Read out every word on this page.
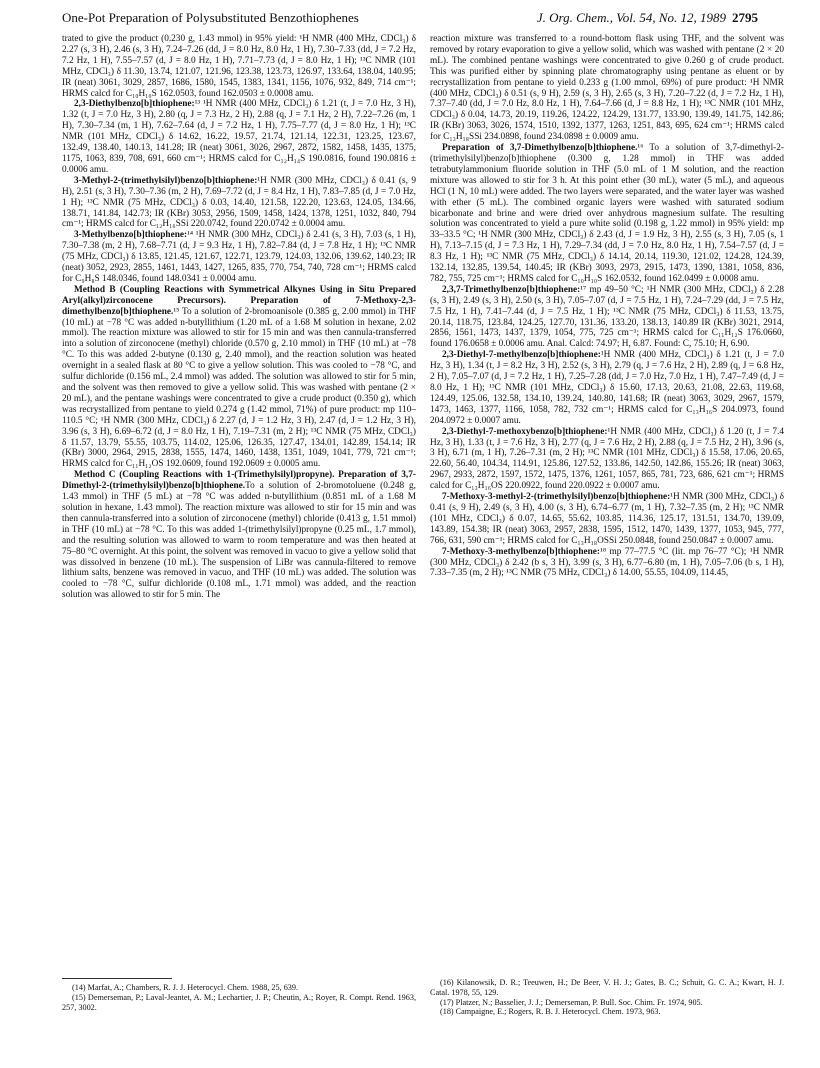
One-Pot Preparation of Polysubstituted Benzothiophenes	J. Org. Chem., Vol. 54, No. 12, 1989 2795

trated to give the product (0.230 g, 1.43 mmol) in 95% yield: ¹H NMR (400 MHz, CDCl₃) δ 2.27 (s, 3 H), 2.46 (s, 3 H), 7.24–7.26 (dd, J = 8.0 Hz, 8.0 Hz, 1 H), 7.30–7.33 (dd, J = 7.2 Hz, 7.2 Hz, 1 H), 7.55–7.57 (d, J = 8.0 Hz, 1 H), 7.71–7.73 (d, J = 8.0 Hz, 1 H); ¹³C NMR (101 MHz, CDCl₃) δ 11.30, 13.74, 121.07, 121.96, 123.38, 123.73, 126.97, 133.64, 138.04, 140.95; IR (neat) 3061, 3029, 2857, 1686, 1580, 1545, 1383, 1341, 1156, 1076, 932, 849, 714 cm⁻¹; HRMS calcd for C₁₀H₁₀S 162.0503, found 162.0503 ± 0.0008 amu.

2,3-Diethylbenzo[b]thiophene:¹³ ¹H NMR (400 MHz, CDCl₃) δ 1.21 (t, J = 7.0 Hz, 3 H), 1.32 (t, J = 7.0 Hz, 3 H), 2.80 (q, J = 7.3 Hz, 2 H), 2.88 (q, J = 7.1 Hz, 2 H), 7.22–7.26 (m, 1 H), 7.30–7.34 (m, 1 H), 7.62–7.64 (d, J = 7.2 Hz, 1 H), 7.75–7.77 (d, J = 8.0 Hz, 1 H); ¹³C NMR (101 MHz, CDCl₃) δ 14.62, 16.22, 19.57, 21.74, 121.14, 122.31, 123.25, 123.67, 132.49, 138.40, 140.13, 141.28; IR (neat) 3061, 3026, 2967, 2872, 1582, 1458, 1435, 1375, 1175, 1063, 839, 708, 691, 660 cm⁻¹; HRMS calcd for C₁₂H₁₄S 190.0816, found 190.0816 ± 0.0006 amu.

3-Methyl-2-(trimethylsilyl)benzo[b]thiophene:¹H NMR (300 MHz, CDCl₃) δ 0.41 (s, 9 H), 2.51 (s, 3 H), 7.30–7.36 (m, 2 H), 7.69–7.72 (d, J = 8.4 Hz, 1 H), 7.83–7.85 (d, J = 7.0 Hz, 1 H); ¹³C NMR (75 MHz, CDCl₃) δ 0.03, 14.40, 121.58, 122.20, 123.63, 124.05, 134.66, 138.71, 141.84, 142.73; IR (KBr) 3053, 2956, 1509, 1458, 1424, 1378, 1251, 1032, 840, 794 cm⁻¹; HRMS calcd for C₁₂H₁₆SSi 220.0742, found 220.0742 ± 0.0004 amu.

3-Methylbenzo[b]thiophene:¹⁴ ¹H NMR (300 MHz, CDCl₃) δ 2.41 (s, 3 H), 7.03 (s, 1 H), 7.30–7.38 (m, 2 H), 7.68–7.71 (d, J = 9.3 Hz, 1 H), 7.82–7.84 (d, J = 7.8 Hz, 1 H); ¹³C NMR (75 MHz, CDCl₃) δ 13.85, 121.45, 121.67, 122.71, 123.79, 124.03, 132.06, 139.62, 140.23; IR (neat) 3052, 2923, 2855, 1461, 1443, 1427, 1265, 835, 770, 754, 740, 728 cm⁻¹; HRMS calcd for C₉H₈S 148.0346, found 148.0341 ± 0.0004 amu.

Method B (Coupling Reactions with Symmetrical Alkynes Using in Situ Prepared Aryl(alkyl)zirconocene Precursors). Preparation of 7-Methoxy-2,3-dimethylbenzo[b]thiophene.¹⁵ To a solution of 2-bromoanisole (0.385 g, 2.00 mmol) in THF (10 mL) at −78 °C was added n-butyllithium (1.20 mL of a 1.68 M solution in hexane, 2.02 mmol). The reaction mixture was allowed to stir for 15 min and was then cannula-transferred into a solution of zirconocene (methyl) chloride (0.570 g, 2.10 mmol) in THF (10 mL) at −78 °C. To this was added 2-butyne (0.130 g, 2.40 mmol), and the reaction solution was heated overnight in a sealed flask at 80 °C to give a yellow solution. This was cooled to −78 °C, and sulfur dichloride (0.156 mL, 2.4 mmol) was added. The solution was allowed to stir for 5 min, and the solvent was then removed to give a yellow solid. This was washed with pentane (2 × 20 mL), and the pentane washings were concentrated to give a crude product (0.350 g), which was recrystallized from pentane to yield 0.274 g (1.42 mmol, 71%) of pure product: mp 110–110.5 °C; ¹H NMR (300 MHz, CDCl₃) δ 2.27 (d, J = 1.2 Hz, 3 H), 2.47 (d, J = 1.2 Hz, 3 H), 3.96 (s, 3 H), 6.69–6.72 (d, J = 8.0 Hz, 1 H), 7.19–7.31 (m, 2 H); ¹³C NMR (75 MHz, CDCl₃) δ 11.57, 13.79, 55.55, 103.75, 114.02, 125.06, 126.35, 127.47, 134.01, 142.89, 154.14; IR (KBr) 3000, 2964, 2915, 2838, 1555, 1474, 1460, 1438, 1351, 1049, 1041, 779, 721 cm⁻¹; HRMS calcd for C₁₁H₁₂OS 192.0609, found 192.0609 ± 0.0005 amu.

Method C (Coupling Reactions with 1-(Trimethylsilyl)propyne). Preparation of 3,7-Dimethyl-2-(trimethylsilyl)benzo[b]thiophene.To a solution of 2-bromotoluene (0.248 g, 1.43 mmol) in THF (5 mL) at −78 °C was added n-butyllithium (0.851 mL of a 1.68 M solution in hexane, 1.43 mmol). The reaction mixture was allowed to stir for 15 min and was then cannula-transferred into a solution of zirconocene (methyl) chloride (0.413 g, 1.51 mmol) in THF (10 mL) at −78 °C. To this was added 1-(trimethylsilyl)propyne (0.25 mL, 1.7 mmol), and the resulting solution was allowed to warm to room temperature and was then heated at 75–80 °C overnight. At this point, the solvent was removed in vacuo to give a yellow solid that was dissolved in benzene (10 mL). The suspension of LiBr was cannula-filtered to remove lithium salts, benzene was removed in vacuo, and THF (10 mL) was added. The solution was cooled to −78 °C, sulfur dichloride (0.108 mL, 1.71 mmol) was added, and the reaction solution was allowed to stir for 5 min. The

reaction mixture was transferred to a round-bottom flask using THF, and the solvent was removed by rotary evaporation to give a yellow solid, which was washed with pentane (2 × 20 mL). The combined pentane washings were concentrated to give 0.260 g of crude product. This was purified either by spinning plate chromatography using pentane as eluent or by recrystallization from pentane to yield 0.233 g (1.00 mmol, 69%) of pure product: ¹H NMR (400 MHz, CDCl₃) δ 0.51 (s, 9 H), 2.59 (s, 3 H), 2.65 (s, 3 H), 7.20–7.22 (d, J = 7.2 Hz, 1 H), 7.37–7.40 (dd, J = 7.0 Hz, 8.0 Hz, 1 H), 7.64–7.66 (d, J = 8.8 Hz, 1 H); ¹³C NMR (101 MHz, CDCl₃) δ 0.04, 14.73, 20.19, 119.26, 124.22, 124.29, 131.77, 133.90, 139.49, 141.75, 142.86; IR (KBr) 3063, 3026, 1574, 1510, 1392, 1377, 1263, 1251, 843, 695, 624 cm⁻¹; HRMS calcd for C₁₃H₁₈SSi 234.0898, found 234.0898 ± 0.0009 amu.

Preparation of 3,7-Dimethylbenzo[b]thiophene.¹⁶ To a solution of 3,7-dimethyl-2-(trimethylsilyl)benzo[b]thiophene (0.300 g, 1.28 mmol) in THF was added tetrabutylammonium fluoride solution in THF (5.0 mL of 1 M solution, and the reaction mixture was allowed to stir for 3 h. At this point ether (30 mL), water (5 mL), and aqueous HCl (1 N, 10 mL) were added. The two layers were separated, and the water layer was washed with ether (5 mL). The combined organic layers were washed with saturated sodium bicarbonate and brine and were dried over anhydrous magnesium sulfate. The resulting solution was concentrated to yield a pure white solid (0.198 g, 1.22 mmol) in 95% yield: mp 33–33.5 °C; ¹H NMR (300 MHz, CDCl₃) δ 2.43 (d, J = 1.9 Hz, 3 H), 2.55 (s, 3 H), 7.05 (s, 1 H), 7.13–7.15 (d, J = 7.3 Hz, 1 H), 7.29–7.34 (dd, J = 7.0 Hz, 8.0 Hz, 1 H), 7.54–7.57 (d, J = 8.3 Hz, 1 H); ¹³C NMR (75 MHz, CDCl₃) δ 14.14, 20.14, 119.30, 121.02, 124.28, 124.39, 132.14, 132.85, 139.54, 140.45; IR (KBr) 3093, 2973, 2915, 1473, 1390, 1381, 1058, 836, 782, 755, 725 cm⁻¹; HRMS calcd for C₁₀H₁₀S 162.0532, found 162.0499 ± 0.0008 amu.

2,3,7-Trimethylbenzo[b]thiophene:¹⁷ mp 49–50 °C; ¹H NMR (300 MHz, CDCl₃) δ 2.28 (s, 3 H), 2.49 (s, 3 H), 2.50 (s, 3 H), 7.05–7.07 (d, J = 7.5 Hz, 1 H), 7.24–7.29 (dd, J = 7.5 Hz, 7.5 Hz, 1 H), 7.41–7.44 (d, J = 7.5 Hz, 1 H); ¹³C NMR (75 MHz, CDCl₃) δ 11.53, 13.75, 20.14, 118.75, 123.84, 124.25, 127.70, 131.36, 133.20, 138.13, 140.89 IR (KBr) 3021, 2914, 2856, 1561, 1473, 1437, 1379, 1054, 775, 725 cm⁻¹; HRMS calcd for C₁₁H₁₂S 176.0660, found 176.0658 ± 0.0006 amu. Anal. Calcd: 74.97; H, 6.87. Found: C, 75.10; H, 6.90.

2,3-Diethyl-7-methylbenzo[b]thiophene:¹H NMR (400 MHz, CDCl₃) δ 1.21 (t, J = 7.0 Hz, 3 H), 1.34 (t, J = 8.2 Hz, 3 H), 2.52 (s, 3 H), 2.79 (q, J = 7.6 Hz, 2 H), 2.89 (q, J = 6.8 Hz, 2 H), 7.05–7.07 (d, J = 7.2 Hz, 1 H), 7.25–7.28 (dd, J = 7.0 Hz, 7.0 Hz, 1 H), 7.47–7.49 (d, J = 8.0 Hz, 1 H); ¹³C NMR (101 MHz, CDCl₃) δ 15.60, 17.13, 20.63, 21.08, 22.63, 119.68, 124.49, 125.06, 132.58, 134.10, 139.24, 140.80, 141.68; IR (neat) 3063, 3029, 2967, 1579, 1473, 1463, 1377, 1166, 1058, 782, 732 cm⁻¹; HRMS calcd for C₁₃H₁₆S 204.0973, found 204.0972 ± 0.0007 amu.

2,3-Diethyl-7-methoxybenzo[b]thiophene:¹H NMR (400 MHz, CDCl₃) δ 1.20 (t, J = 7.4 Hz, 3 H), 1.33 (t, J = 7.6 Hz, 3 H), 2.77 (q, J = 7.6 Hz, 2 H), 2.88 (q, J = 7.5 Hz, 2 H), 3.96 (s, 3 H), 6.71 (m, 1 H), 7.26–7.31 (m, 2 H); ¹³C NMR (101 MHz, CDCl₃) δ 15.58, 17.06, 20.65, 22.60, 56.40, 104.34, 114.91, 125.86, 127.52, 133.86, 142.50, 142.86, 155.26; IR (neat) 3063, 2967, 2933, 2872, 1597, 1572, 1475, 1376, 1261, 1057, 865, 781, 723, 686, 621 cm⁻¹; HRMS calcd for C₁₃H₁₆OS 220.0922, found 220.0922 ± 0.0007 amu.

7-Methoxy-3-methyl-2-(trimethylsilyl)benzo[b]thiophene:¹H NMR (300 MHz, CDCl₃) δ 0.41 (s, 9 H), 2.49 (s, 3 H), 4.00 (s, 3 H), 6.74–6.77 (m, 1 H), 7.32–7.35 (m, 2 H); ¹³C NMR (101 MHz, CDCl₃) δ 0.07, 14.65, 55.62, 103.85, 114.36, 125.17, 131.51, 134.70, 139.09, 143.89, 154.38; IR (neat) 3063, 2957, 2838, 1595, 1512, 1470, 1439, 1377, 1053, 945, 777, 766, 631, 590 cm⁻¹; HRMS calcd for C₁₃H₁₈OSSi 250.0848, found 250.0847 ± 0.0007 amu.

7-Methoxy-3-methylbenzo[b]thiophene:¹⁸ mp 77–77.5 °C (lit. mp 76–77 °C); ¹H NMR (300 MHz, CDCl₃) δ 2.42 (b s, 3 H), 3.99 (s, 3 H), 6.77–6.80 (m, 1 H), 7.05–7.06 (b s, 1 H), 7.33–7.35 (m, 2 H); ¹³C NMR (75 MHz, CDCl₃) δ 14.00, 55.55, 104.09, 114.45,

(14) Marfat, A.; Chambers, R. J. J. Heterocycl. Chem. 1988, 25, 639.
(15) Demerseman, P.; Laval-Jeantet, A. M.; Lechartier, J. P.; Cheutin, A.; Royer, R. Compt. Rend. 1963, 257, 3002.
(16) Kilanowsik, D. R.; Teeuwen, H.; De Beer, V. H. J.; Gates, B. C.; Schuit, G. C. A.; Kwart, H. J. Catal. 1978, 55, 129.
(17) Platzer, N.; Basselier, J. J.; Demerseman, P. Bull. Soc. Chim. Fr. 1974, 905.
(18) Campaigne, E.; Rogers, R. B. J. Heterocycl. Chem. 1973, 963.
